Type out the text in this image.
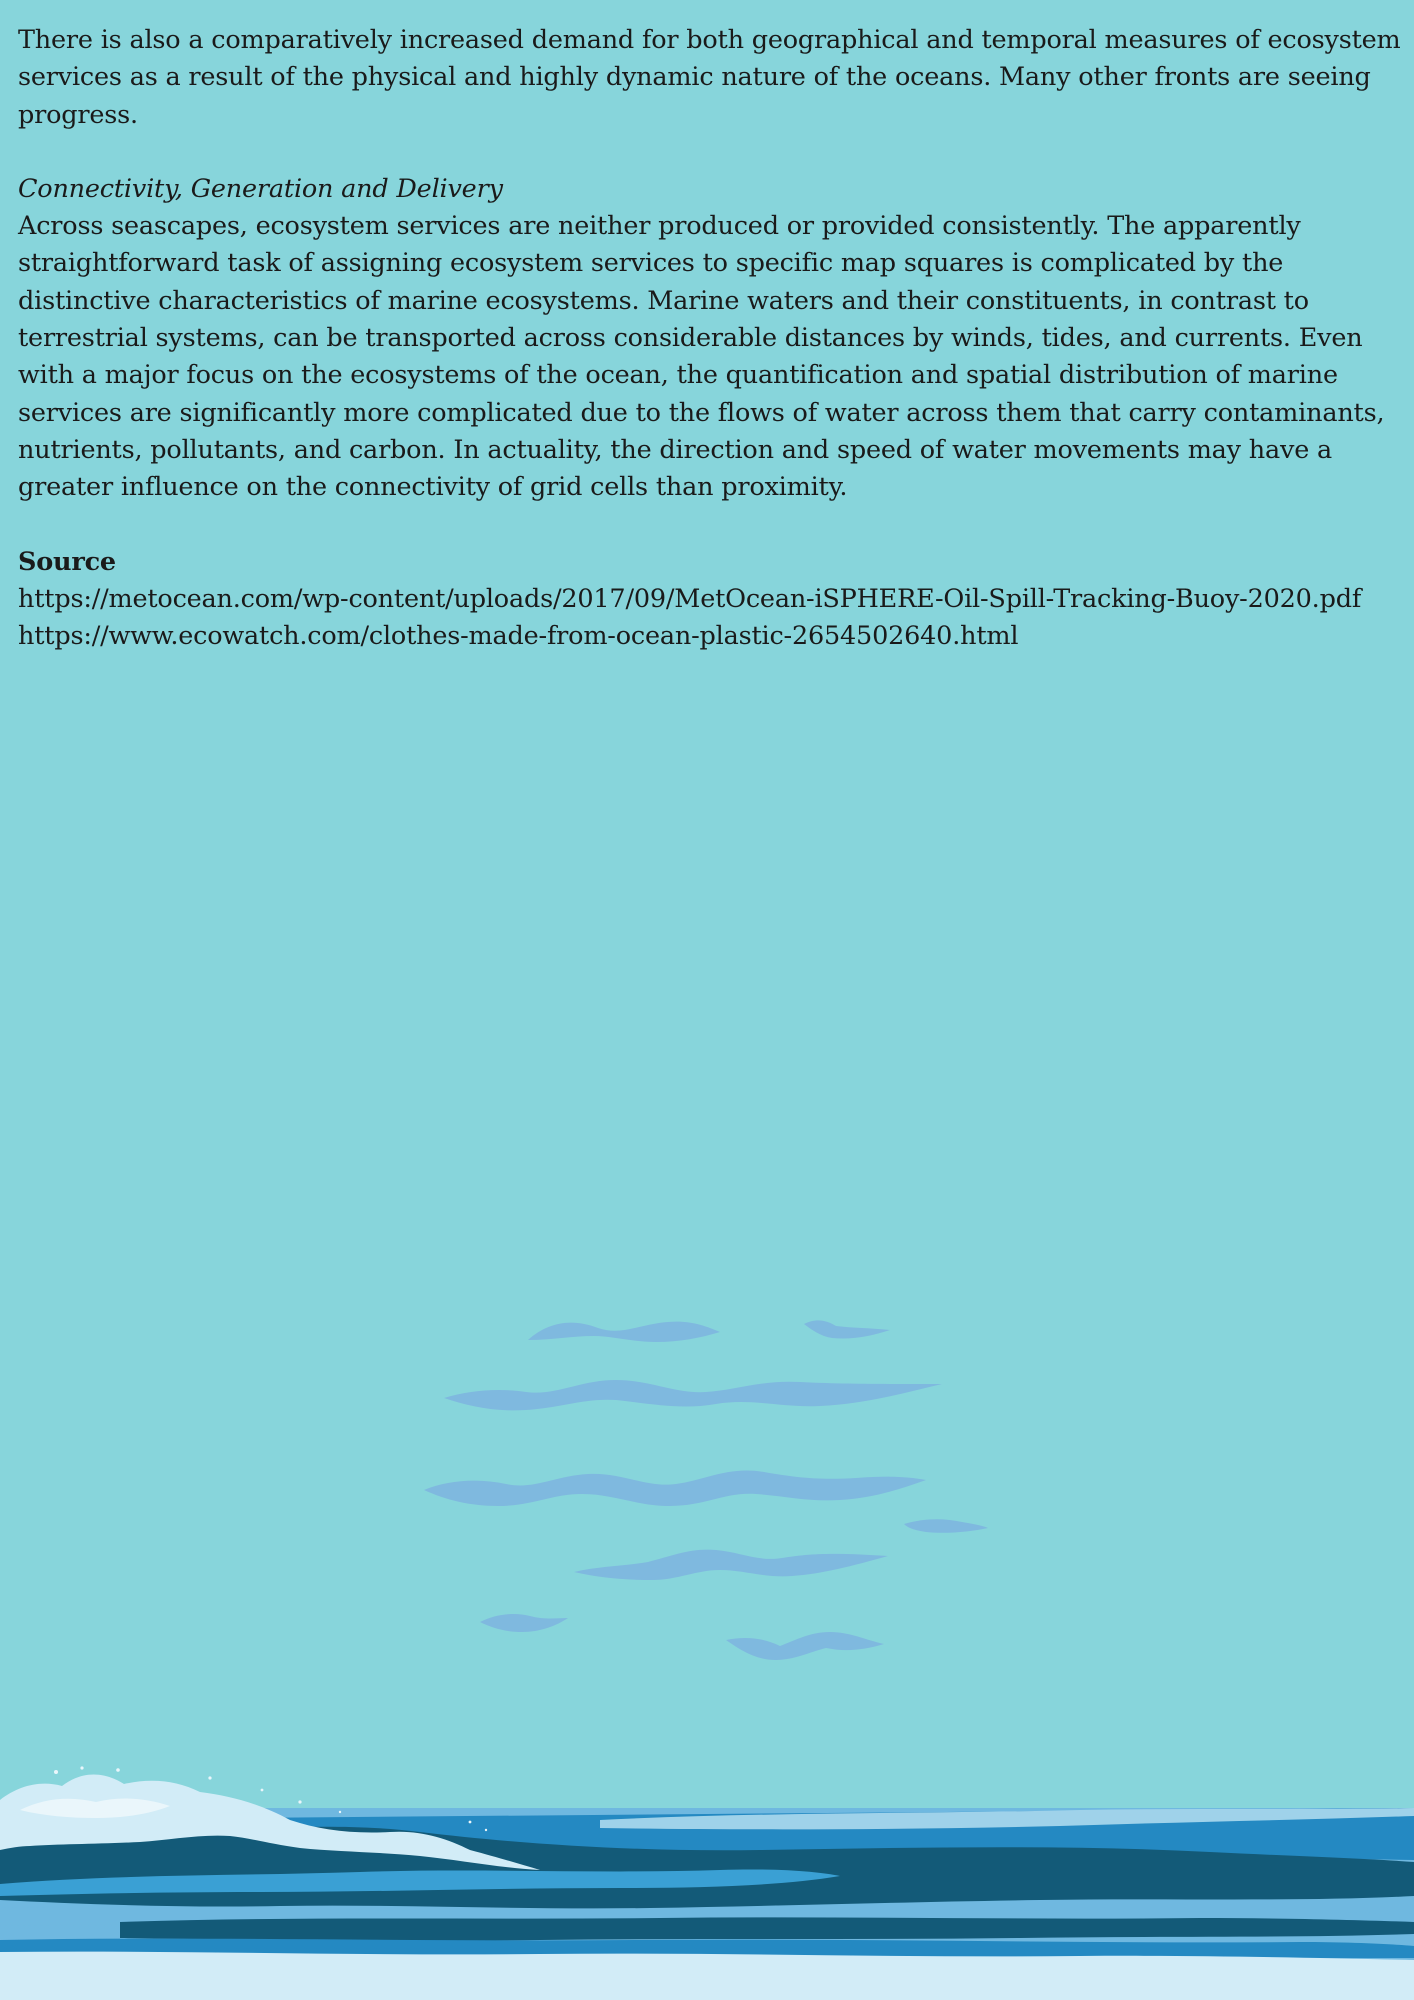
There is also a comparatively increased demand for both geographical and temporal measures of ecosystem services as a result of the physical and highly dynamic nature of the oceans. Many other fronts are seeing progress.

Connectivity, Generation and Delivery

Across seascapes, ecosystem services are neither produced or provided consistently. The apparently straightforward task of assigning ecosystem services to specific map squares is complicated by the distinctive characteristics of marine ecosystems. Marine waters and their constituents, in contrast to terrestrial systems, can be transported across considerable distances by winds, tides, and currents. Even with a major focus on the ecosystems of the ocean, the quantification and spatial distribution of marine services are significantly more complicated due to the flows of water across them that carry contaminants, nutrients, pollutants, and carbon. In actuality, the direction and speed of water movements may have a greater influence on the connectivity of grid cells than proximity.

Source

https://metocean.com/wp-content/uploads/2017/09/MetOcean-iSPHERE-Oil-Spill-Tracking-Buoy-2020.pdf
https://www.ecowatch.com/clothes-made-from-ocean-plastic-2654502640.html
